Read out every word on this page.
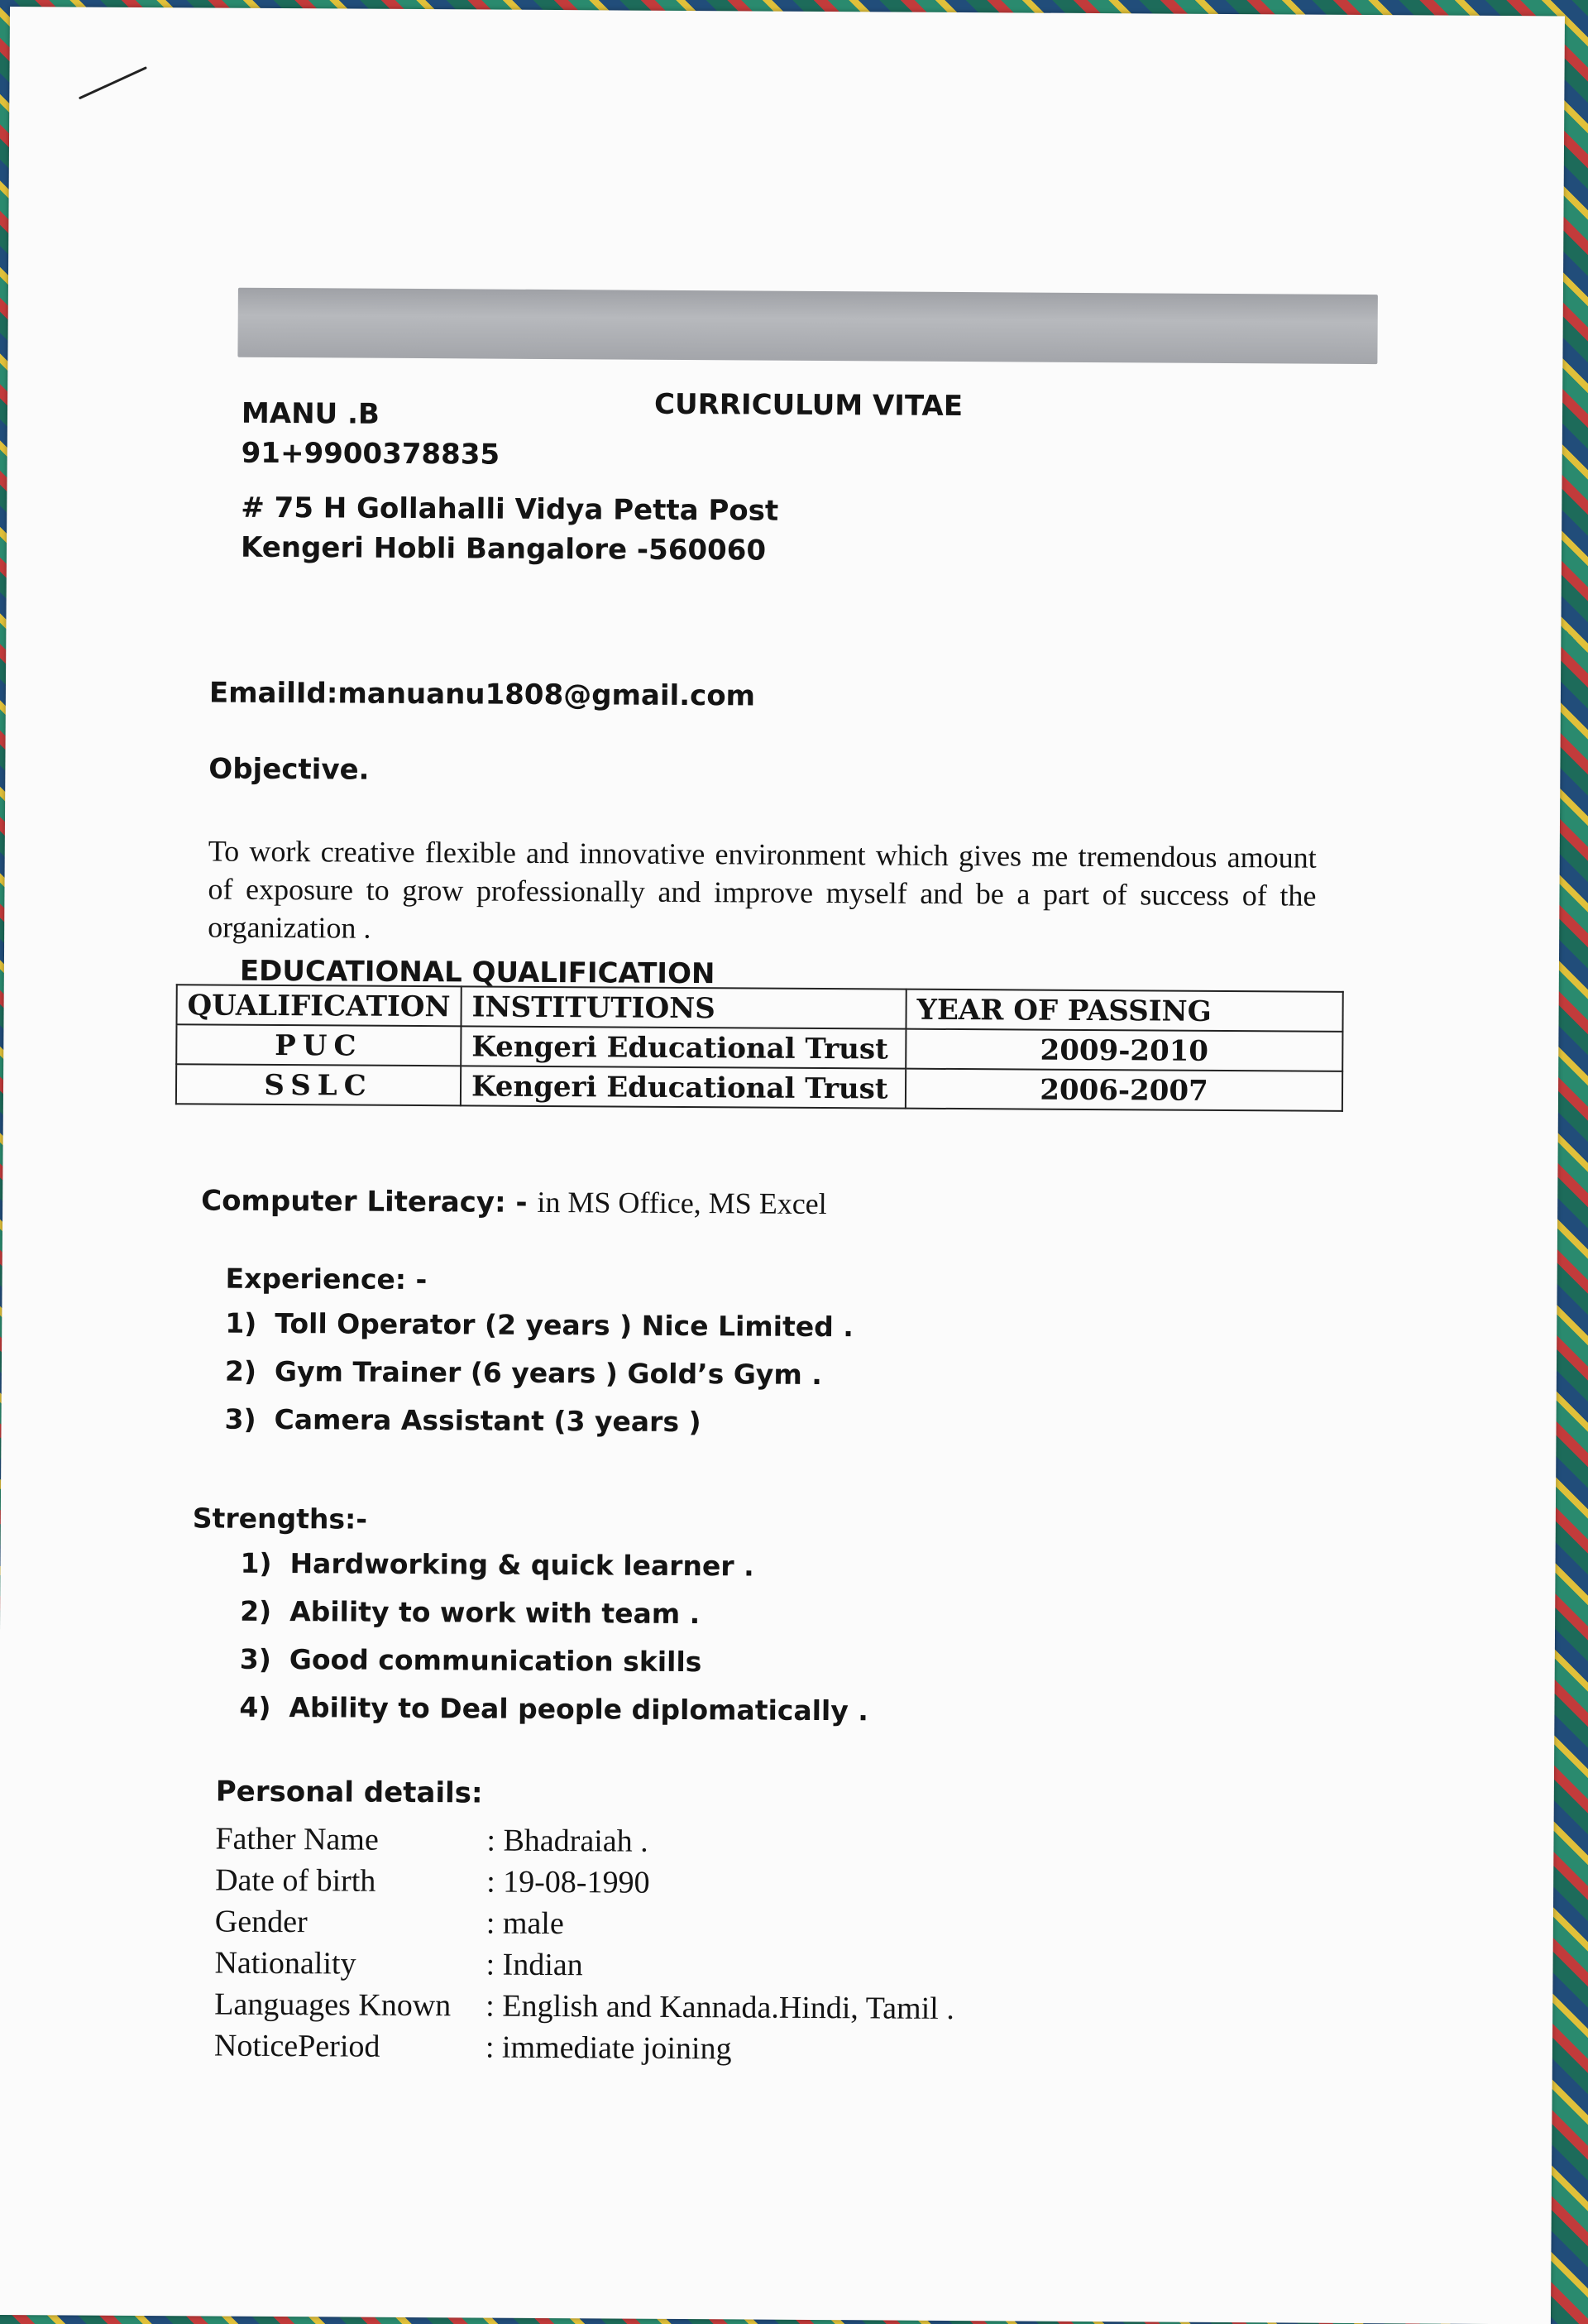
CURRICULUM VITAE
MANU .B
91+9900378835
# 75 H Gollahalli Vidya Petta Post
Kengeri Hobli Bangalore -560060
EmailId:manuanu1808@gmail.com
Objective.
To work creative flexible and innovative environment which gives me tremendous amount of exposure to grow professionally and improve myself and be a part of success of the organization .
EDUCATIONAL QUALIFICATION
QUALIFICATION	INSTITUTIONS	YEAR OF PASSING
PUC	Kengeri Educational Trust	2009-2010
SSLC	Kengeri Educational Trust	2006-2007
Computer Literacy: - in MS Office, MS Excel
Experience: -
1) Toll Operator (2 years ) Nice Limited .
2) Gym Trainer (6 years ) Gold’s Gym .
3) Camera Assistant (3 years )
Strengths:-
1) Hardworking & quick learner .
2) Ability to work with team .
3) Good communication skills
4) Ability to Deal people diplomatically .
Personal details:
Father Name	: Bhadraiah .
Date of birth	: 19-08-1990
Gender	: male
Nationality	: Indian
Languages Known	: English and Kannada.Hindi, Tamil .
NoticePeriod	: immediate joining
